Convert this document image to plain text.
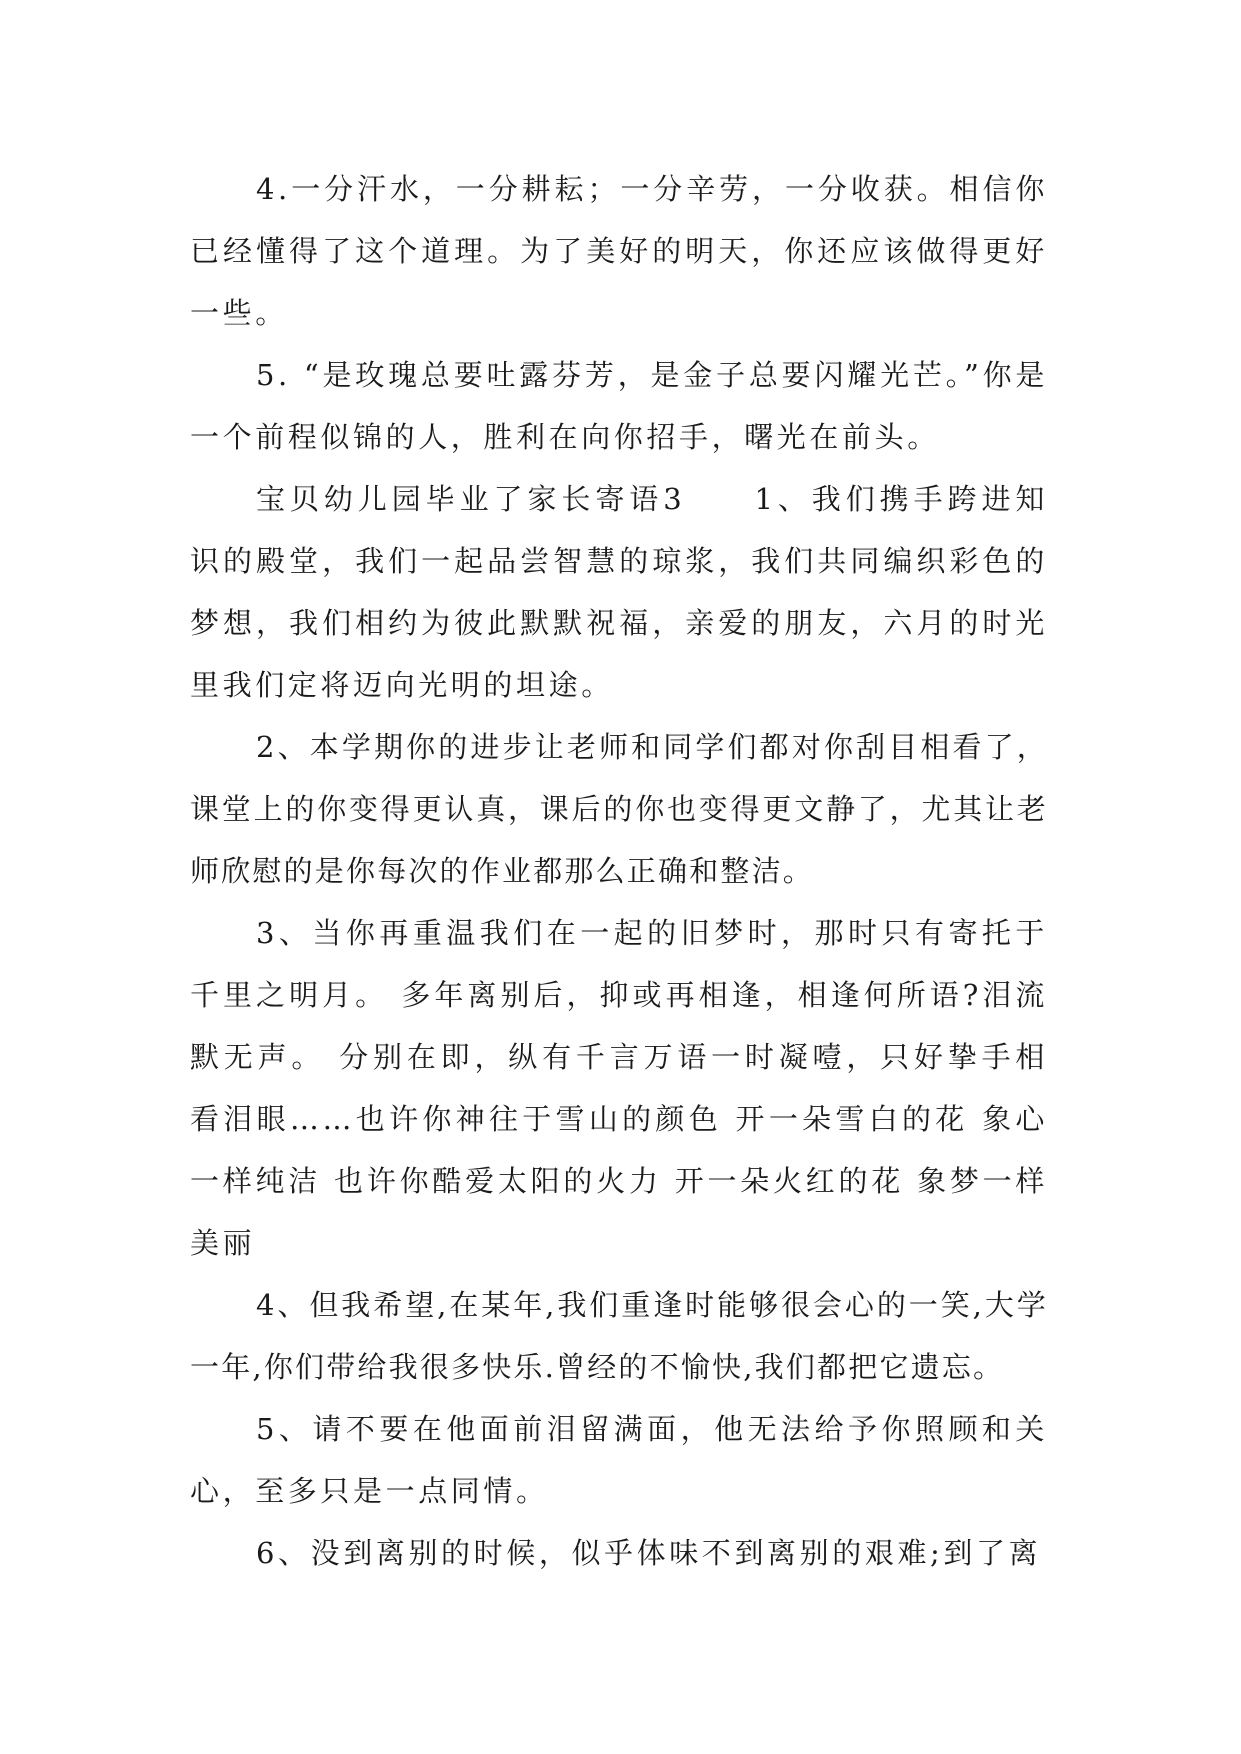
4.一分汗水，一分耕耘；一分辛劳，一分收获。相信你已经懂得了这个道理。为了美好的明天，你还应该做得更好一些。

5. “是玫瑰总要吐露芬芳，是金子总要闪耀光芒。”你是一个前程似锦的人，胜利在向你招手，曙光在前头。

宝贝幼儿园毕业了家长寄语3　　1、我们携手跨进知识的殿堂，我们一起品尝智慧的琼浆，我们共同编织彩色的梦想，我们相约为彼此默默祝福，亲爱的朋友，六月的时光里我们定将迈向光明的坦途。

2、本学期你的进步让老师和同学们都对你刮目相看了，课堂上的你变得更认真，课后的你也变得更文静了，尤其让老师欣慰的是你每次的作业都那么正确和整洁。

3、当你再重温我们在一起的旧梦时，那时只有寄托于千里之明月。 多年离别后，抑或再相逢，相逢何所语?泪流默无声。 分别在即，纵有千言万语一时凝噎，只好挚手相看泪眼……也许你神往于雪山的颜色 开一朵雪白的花 象心一样纯洁 也许你酷爱太阳的火力 开一朵火红的花 象梦一样美丽

4、但我希望,在某年,我们重逢时能够很会心的一笑,大学一年,你们带给我很多快乐.曾经的不愉快,我们都把它遗忘。

5、请不要在他面前泪留满面，他无法给予你照顾和关心，至多只是一点同情。

6、没到离别的时候，似乎体味不到离别的艰难;到了离
